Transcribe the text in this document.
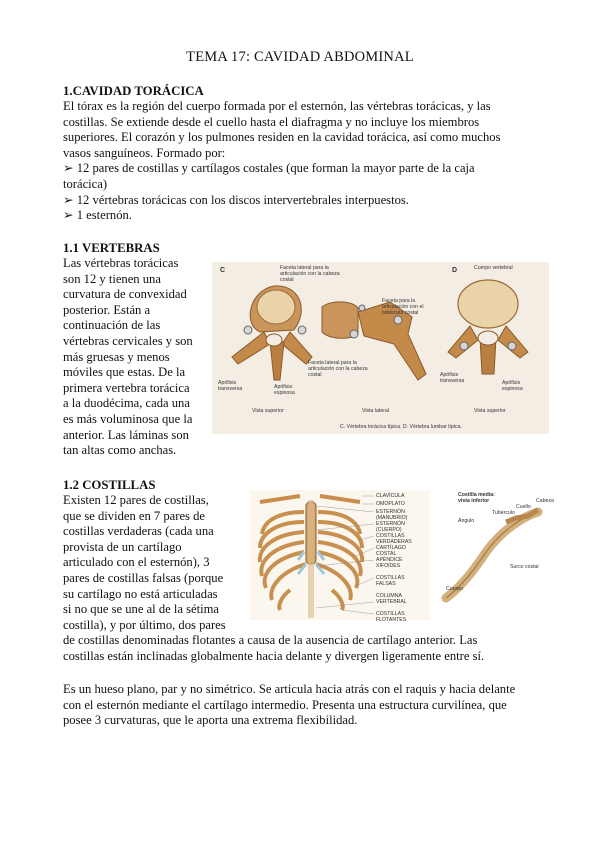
TEMA 17: CAVIDAD ABDOMINAL
1.CAVIDAD TORÁCICA
El tórax es la región del cuerpo formada por el esternón, las vértebras torácicas, y las
costillas. Se extiende desde el cuello hasta el diafragma y no incluye los miembros
superiores. El corazón y los pulmones residen en la cavidad torácica, así como muchos
vasos sanguíneos. Formado por:
➢ 12 pares de costillas y cartílagos costales (que forman la mayor parte de la caja
torácica)
➢ 12 vértebras torácicas con los discos intervertebrales interpuestos.
➢ 1 esternón.
1.1 VERTEBRAS
Las vértebras torácicas
son 12 y tienen una
curvatura de convexidad
posterior. Están a
continuación de las
vértebras cervicales y son
más gruesas y menos
móviles que estas. De la
primera vertebra torácica
a la duodécima, cada una
es más voluminosa que la
anterior. Las láminas son
tan altas como anchas.
C	D
Faceta lateral para la articulación con la cabeza costal
Cuerpo vertebral
Faceta para la articulación con el tubérculo costal
Faceta lateral para la articulación con la cabeza costal
Apófisis transversa	Apófisis espinosa
Apófisis transversa	Apófisis espinosa
Vista superior	Vista lateral	Vista superior
C. Vértebra torácica típica. D. Vértebra lumbar típica.
1.2 COSTILLAS
Existen 12 pares de costillas,
que se dividen en 7 pares de
costillas verdaderas (cada una
provista de un cartílago
articulado con el esternón), 3
pares de costillas falsas (porque
su cartílago no está articuladas
si no que se une al de la sétima
costilla), y por último, dos pares
CLAVÍCULA
OMOPLATO
ESTERNÓN (MANUBRIO)
ESTERNÓN (CUERPO)
COSTILLAS VERDADERAS
CARTÍLAGO COSTAL
APÉNDICE XIFOIDES
COSTILLAS FALSAS
COLUMNA VERTEBRAL
COSTILLAS FLOTANTES
Costilla media: vista inferior
Cuello
Tubérculo
Ángulo
Cabeza
Surco costal
Cuerpo
de costillas denominadas flotantes a causa de la ausencia de cartílago anterior. Las
costillas están inclinadas globalmente hacia delante y divergen ligeramente entre sí.
Es un hueso plano, par y no simétrico. Se articula hacia atrás con el raquis y hacia delante
con el esternón mediante el cartílago intermedio. Presenta una estructura curvilínea, que
posee 3 curvaturas, que le aporta una extrema flexibilidad.
